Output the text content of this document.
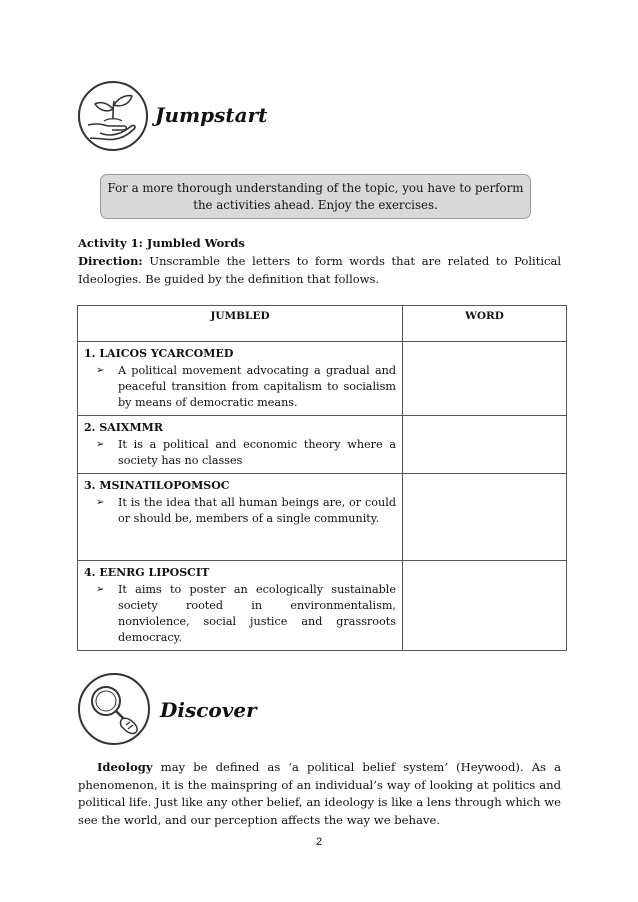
Jumpstart
For a more thorough understanding of the topic, you have to perform the activities ahead. Enjoy the exercises.
Activity 1: Jumbled Words
Direction: Unscramble the letters to form words that are related to Political Ideologies. Be guided by the definition that follows.
JUMBLED	WORD

1. LAICOS YCARCOMED
➢ A political movement advocating a gradual and peaceful transition from capitalism to socialism by means of democratic means.	

2. SAIXMMR
➢ It is a political and economic theory where a society has no classes	

3. MSINATILOPOMSOC
➢ It is the idea that all human beings are, or could or should be, members of a single community.	

4. EENRG LIPOSCIT
➢ It aims to poster an ecologically sustainable society rooted in environmentalism, nonviolence, social justice and grassroots democracy.	

Discover
Ideology may be defined as ‘a political belief system’ (Heywood). As a phenomenon, it is the mainspring of an individual’s way of looking at politics and political life. Just like any other belief, an ideology is like a lens through which we see the world, and our perception affects the way we behave.
2
